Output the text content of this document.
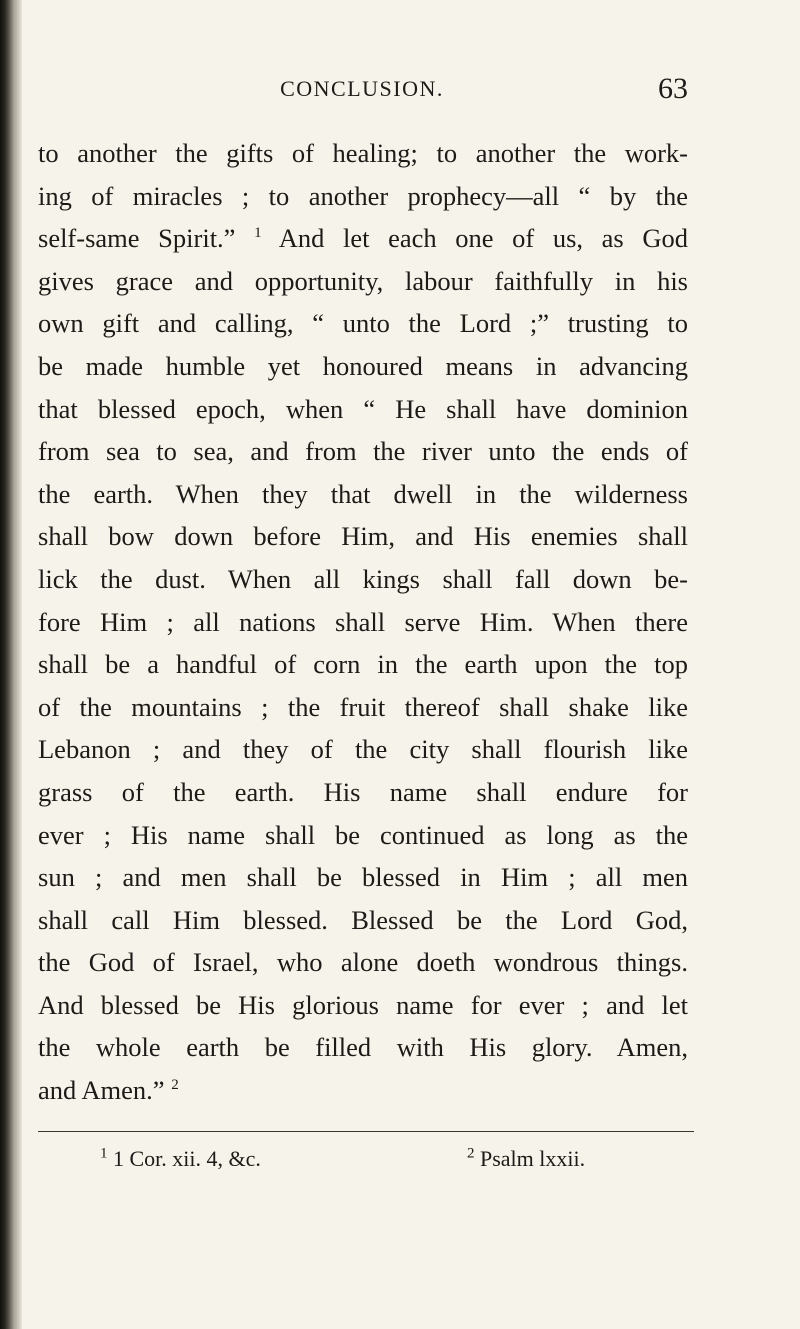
CONCLUSION.	63
to another the gifts of healing; to another the work-
ing of miracles ; to another prophecy—all “ by the
self-same Spirit.” $^1$ And let each one of us, as God
gives grace and opportunity, labour faithfully in his
own gift and calling, “ unto the Lord ;” trusting to
be made humble yet honoured means in advancing
that blessed epoch, when “ He shall have dominion
from sea to sea, and from the river unto the ends of
the earth. When they that dwell in the wilderness
shall bow down before Him, and His enemies shall
lick the dust. When all kings shall fall down be-
fore Him ; all nations shall serve Him. When there
shall be a handful of corn in the earth upon the top
of the mountains ; the fruit thereof shall shake like
Lebanon ; and they of the city shall flourish like
grass of the earth. His name shall endure for
ever ; His name shall be continued as long as the
sun ; and men shall be blessed in Him ; all men
shall call Him blessed. Blessed be the Lord God,
the God of Israel, who alone doeth wondrous things.
And blessed be His glorious name for ever ; and let
the whole earth be filled with His glory. Amen,
and Amen.” $^2$
$^1$ 1 Cor. xii. 4, &c.	$^2$ Psalm lxxii.
